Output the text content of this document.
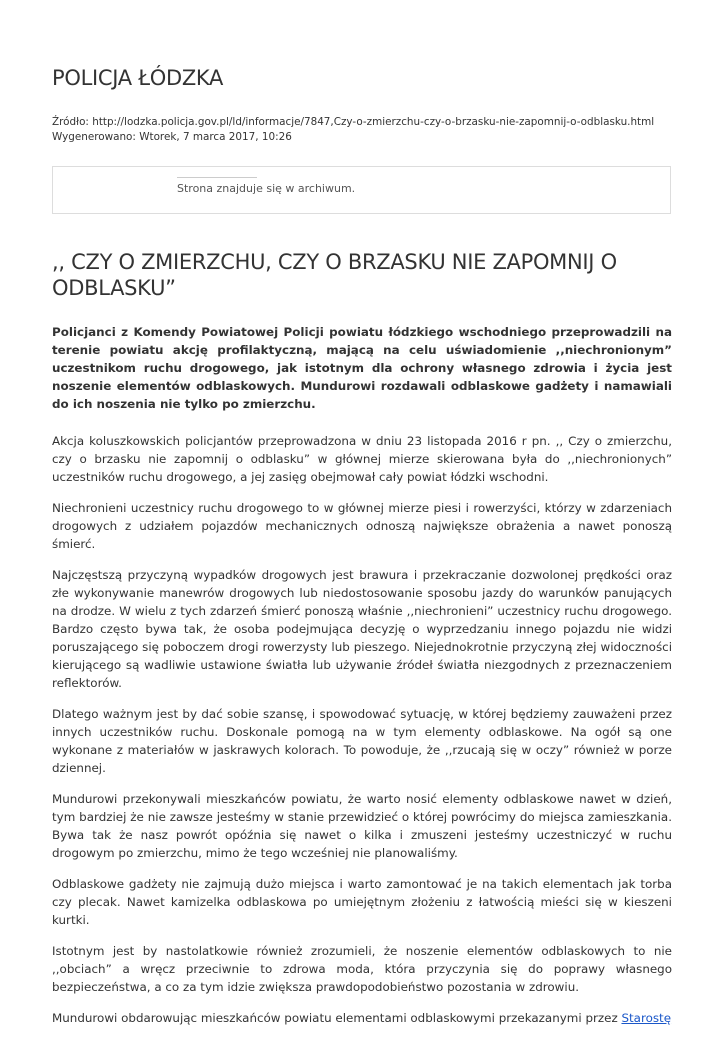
POLICJA ŁÓDZKA
Źródło: http://lodzka.policja.gov.pl/ld/informacje/7847,Czy-o-zmierzchu-czy-o-brzasku-nie-zapomnij-o-odblasku.html
Wygenerowano: Wtorek, 7 marca 2017, 10:26
Strona znajduje się w archiwum.
,, CZY O ZMIERZCHU, CZY O BRZASKU NIE ZAPOMNIJ O ODBLASKU”

Policjanci z Komendy Powiatowej Policji powiatu łódzkiego wschodniego przeprowadzili na terenie powiatu akcję profilaktyczną, mającą na celu uświadomienie ,,niechronionym” uczestnikom ruchu drogowego, jak istotnym dla ochrony własnego zdrowia i życia jest noszenie elementów odblaskowych. Mundurowi rozdawali odblaskowe gadżety i namawiali do ich noszenia nie tylko po zmierzchu.

Akcja koluszkowskich policjantów przeprowadzona w dniu 23 listopada 2016 r pn. ,, Czy o zmierzchu, czy o brzasku nie zapomnij o odblasku” w głównej mierze skierowana była do ,,niechronionych” uczestników ruchu drogowego, a jej zasięg obejmował cały powiat łódzki wschodni.

Niechronieni uczestnicy ruchu drogowego to w głównej mierze piesi i rowerzyści, którzy w zdarzeniach drogowych z udziałem pojazdów mechanicznych odnoszą największe obrażenia a nawet ponoszą śmierć.

Najczęstszą przyczyną wypadków drogowych jest brawura i przekraczanie dozwolonej prędkości oraz złe wykonywanie manewrów drogowych lub niedostosowanie sposobu jazdy do warunków panujących na drodze. W wielu z tych zdarzeń śmierć ponoszą właśnie ,,niechronieni” uczestnicy ruchu drogowego. Bardzo często bywa tak, że osoba podejmująca decyzję o wyprzedzaniu innego pojazdu nie widzi poruszającego się poboczem drogi rowerzysty lub pieszego. Niejednokrotnie przyczyną złej widoczności kierującego są wadliwie ustawione światła lub używanie źródeł światła niezgodnych z przeznaczeniem reflektorów.

Dlatego ważnym jest by dać sobie szansę, i spowodować sytuację, w której będziemy zauważeni przez innych uczestników ruchu. Doskonale pomogą na w tym elementy odblaskowe. Na ogół są one wykonane z materiałów w jaskrawych kolorach. To powoduje, że ,,rzucają się w oczy” również w porze dziennej.

Mundurowi przekonywali mieszkańców powiatu, że warto nosić elementy odblaskowe nawet w dzień, tym bardziej że nie zawsze jesteśmy w stanie przewidzieć o której powrócimy do miejsca zamieszkania. Bywa tak że nasz powrót opóźnia się nawet o kilka i zmuszeni jesteśmy uczestniczyć w ruchu drogowym po zmierzchu, mimo że tego wcześniej nie planowaliśmy.

Odblaskowe gadżety nie zajmują dużo miejsca i warto zamontować je na takich elementach jak torba czy plecak. Nawet kamizelka odblaskowa po umiejętnym złożeniu z łatwością mieści się w kieszeni kurtki.

Istotnym jest by nastolatkowie również zrozumieli, że noszenie elementów odblaskowych to nie ,,obciach” a wręcz przeciwnie to zdrowa moda, która przyczynia się do poprawy własnego bezpieczeństwa, a co za tym idzie zwiększa prawdopodobieństwo pozostania w zdrowiu.

Mundurowi obdarowując mieszkańców powiatu elementami odblaskowymi przekazanymi przez Starostę
